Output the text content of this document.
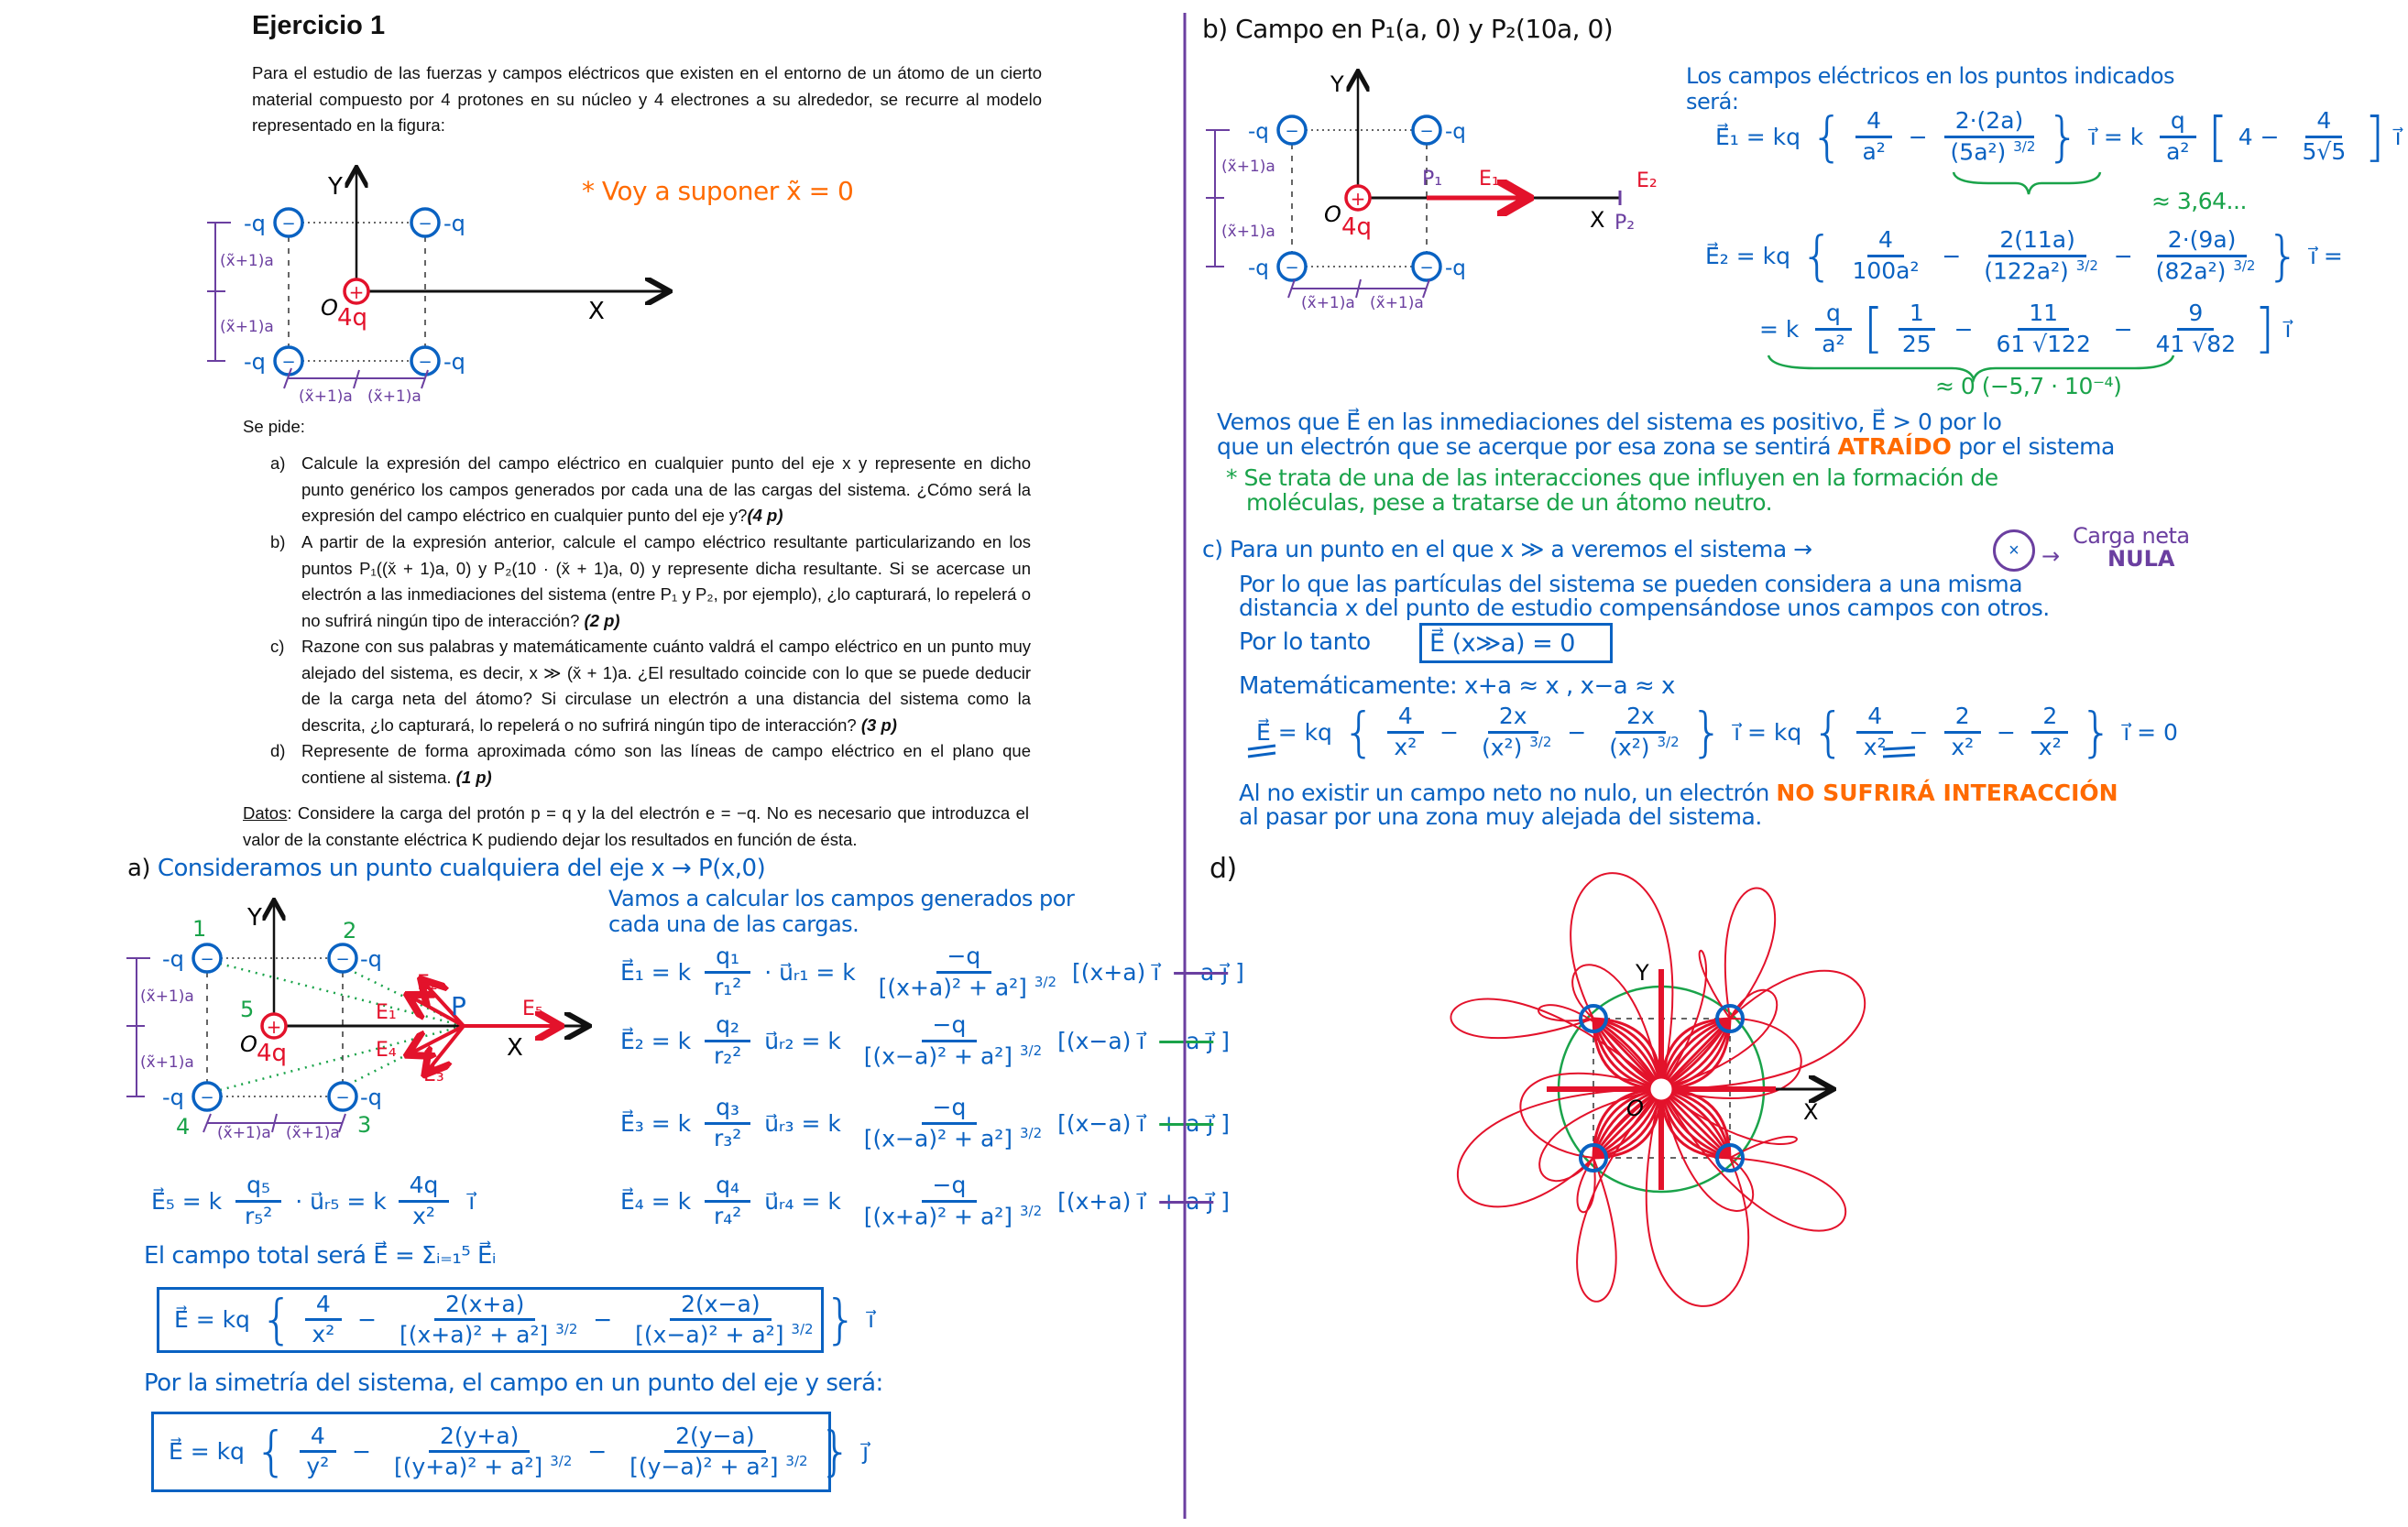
Ejercicio 1
Para el estudio de las fuerzas y campos eléctricos que existen en el entorno de un átomo de un cierto material compuesto por 4 protones en su núcleo y 4 electrones a su alrededor, se recurre al modelo representado en la figura:
* Voy a suponer x̃ = 0
Se pide:
a) Calcule la expresión del campo eléctrico en cualquier punto del eje x y represente en dicho punto genérico los campos generados por cada una de las cargas del sistema. ¿Cómo será la expresión del campo eléctrico en cualquier punto del eje y?(4 p)
b) A partir de la expresión anterior, calcule el campo eléctrico resultante particularizando en los puntos P₁((x̆ + 1)a, 0) y P₂(10 · (x̆ + 1)a, 0) y represente dicha resultante. Si se acercase un electrón a las inmediaciones del sistema (entre P₁ y P₂, por ejemplo), ¿lo capturará, lo repelerá o no sufrirá ningún tipo de interacción? (2 p)
c) Razone con sus palabras y matemáticamente cuánto valdrá el campo eléctrico en un punto muy alejado del sistema, es decir, x ≫ (x̆ + 1)a. ¿El resultado coincide con lo que se puede deducir de la carga neta del átomo? Si circulase un electrón a una distancia del sistema como la descrita, ¿lo capturará, lo repelerá o no sufrirá ningún tipo de interacción? (3 p)
d) Represente de forma aproximada cómo son las líneas de campo eléctrico en el plano que contiene al sistema. (1 p)
Datos: Considere la carga del protón p = q y la del electrón e = −q. No es necesario que introduzca el valor de la constante eléctrica K pudiendo dejar los resultados en función de ésta.
a) Consideramos un punto cualquiera del eje x → P(x,0)
Vamos a calcular los campos generados por
cada una de las cargas.
E⃗₁ = k $\frac{\text{q₁}}{\text{r₁²}}$ · u⃗ᵣ₁ = k $\frac{-q}{[(x+a)^2 + a^2] ^{3/2}} [(x+a)$ i⃗ − a j⃗ ]
E⃗₂ = k $\frac{\text{q₂}}{\text{r₂²}}$ u⃗ᵣ₂ = k $\frac{-q}{[(x-a)^2 + a^2] ^{3/2}} [(x-a)$ i⃗ − a j⃗ ]
E⃗₃ = k $\frac{\text{q₃}}{\text{r₃²}}$ u⃗ᵣ₃ = k $\frac{-q}{[(x-a)^2 + a^2] ^{3/2}} [(x-a)$ i⃗ + a j⃗ ]
E⃗₄ = k $\frac{\text{q₄}}{\text{r₄²}}$ u⃗ᵣ₄ = k $\frac{-q}{[(x+a)^2 + a^2] ^{3/2}} [(x+a)$ i⃗ + a j⃗ ]
E⃗₅ = k $\frac{\text{q₅}}{\text{r₅²}}$ · u⃗ᵣ₅ = k $\frac{4q}{\text{x²}}$ i⃗
El campo total será E⃗ = Σᵢ₌₁⁵ E⃗ᵢ
E⃗ = kq { $\frac{4}{\text{x²}} - \frac{2(x+a)}{[(x+a)^2 + a^2] ^{3/2}} - \frac{2(x-a)}{[(x-a)^2 + a^2] ^{3/2}}$ } i⃗
Por la simetría del sistema, el campo en un punto del eje y será:
E⃗ = kq { $\frac{4}{\text{y²}} - \frac{2(y+a)}{[(y+a)^2 + a^2] ^{3/2}} - \frac{2(y-a)}{[(y-a)^2 + a^2] ^{3/2}}$ } j⃗
b) Campo en P₁(a, 0) y P₂(10a, 0)
Los campos eléctricos en los puntos indicados
será:
E⃗₁ = kq { $\frac{4}{\text{a²}} - \frac{2\cdot(2a)}{(5a^2) ^{3/2}}$ } i⃗ = k $\frac{q}{\text{a²}}$ [ $4 - \frac{4}{5√5}$ ] i⃗
≈ 3,64...
E⃗₂ = kq { $\frac{4}{\text{100a²}} - \frac{2(11a)}{(122a^2) ^{3/2}} - \frac{2\cdot(9a)}{(82a^2) ^{3/2}}$ } i⃗ =
= k $\frac{q}{\text{a²}}$ [ $\frac{1}{25} - \frac{11}{61 √122} - \frac{9}{41 √82}$ ] i⃗
≈ 0 (−5,7 · 10⁻⁴)
Vemos que E⃗ en las inmediaciones del sistema es positivo, E⃗ > 0 por lo
que un electrón que se acerque por esa zona se sentirá ATRAÍDO por el sistema
* Se trata de una de las interacciones que influyen en la formación de
moléculas, pese a tratarse de un átomo neutro.
c) Para un punto en el que x ≫ a veremos el sistema →	× →
Carga neta
NULA
Por lo que las partículas del sistema se pueden considera a una misma
distancia x del punto de estudio compensándose unos campos con otros.
Por lo tanto E⃗ (x≫a) = 0
Matemáticamente: x+a ≈ x , x−a ≈ x
E⃗ = kq { $\frac{4}{\text{x²}} - \frac{2x}{(x^2) ^{3/2}} - \frac{2x}{(x^2) ^{3/2}}$ } i⃗ = kq { $\frac{4}{\text{x²}} - \frac{2}{\text{x²}} - \frac{2}{\text{x²}}$ } i⃗ = 0
Al no existir un campo neto no nulo, un electrón NO SUFRIRÁ INTERACCIÓN
al pasar por una zona muy alejada del sistema.
d)
Y
X
O
+
4q
−	−
−	−
-q	-q
-q	-q
(x̃+1)a
(x̃+1)a
(x̃+1)a (x̃+1)a
Y
X
O
+
4q
−	−
−	−
-q	-q
-q	-q
1	2
3
4
5	P
E₁
E₂
E₃
E₄
E₅
(x̃+1)a
(x̃+1)a
(x̃+1)a (x̃+1)a
Y
X
O
+
4q
−	−
−	−
-q	-q
-q	-q
P₁
P₂
E₁	E₂
(x̃+1)a
(x̃+1)a
(x̃+1)a (x̃+1)a
Y
X
O
